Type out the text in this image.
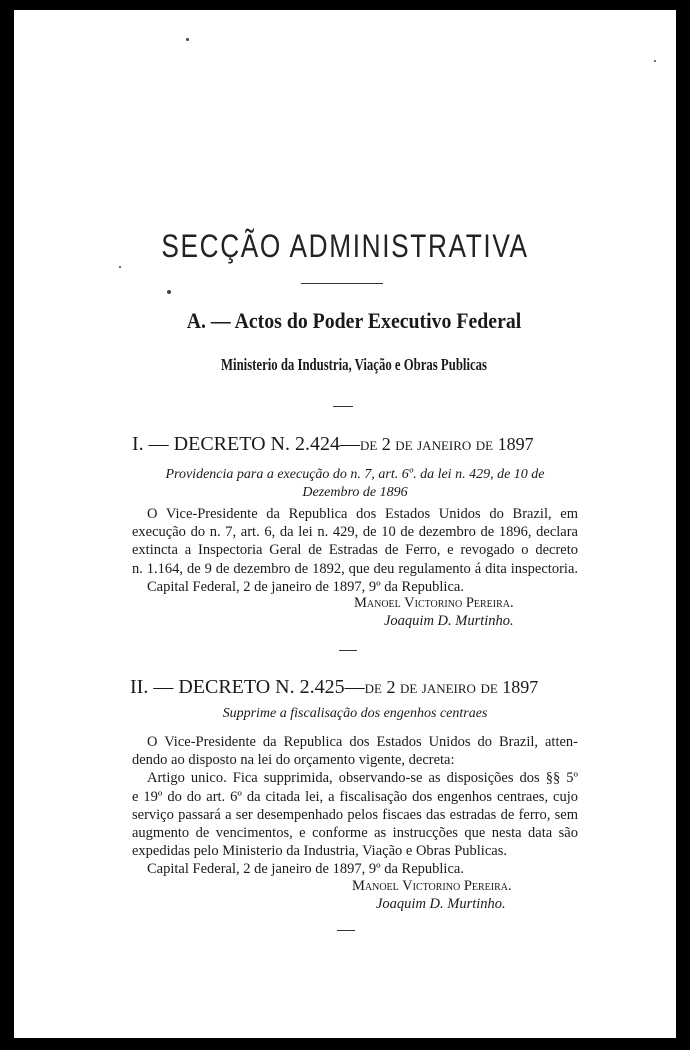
SECÇÃO ADMINISTRATIVA
A. — Actos do Poder Executivo Federal
Ministerio da Industria, Viação e Obras Publicas
I. — DECRETO N. 2.424—de 2 de janeiro de 1897
Providencia para a execução do n. 7, art. 6º. da lei n. 429, de 10 de
Dezembro de 1896
O Vice-Presidente da Republica dos Estados Unidos do Brazil, em
execução do n. 7, art. 6, da lei n. 429, de 10 de dezembro de 1896, declara
extincta a Inspectoria Geral de Estradas de Ferro, e revogado o decreto
n. 1.164, de 9 de dezembro de 1892, que deu regulamento á dita inspectoria.
Capital Federal, 2 de janeiro de 1897, 9º da Republica.
Manoel Victorino Pereira.
Joaquim D. Murtinho.
II. — DECRETO N. 2.425—de 2 de janeiro de 1897
Supprime a fiscalisação dos engenhos centraes
O Vice-Presidente da Republica dos Estados Unidos do Brazil, atten-
dendo ao disposto na lei do orçamento vigente, decreta:
Artigo unico. Fica supprimida, observando-se as disposições dos §§ 5º
e 19º do do art. 6º da citada lei, a fiscalisação dos engenhos centraes, cujo
serviço passará a ser desempenhado pelos fiscaes das estradas de ferro, sem
augmento de vencimentos, e conforme as instrucções que nesta data são
expedidas pelo Ministerio da Industria, Viação e Obras Publicas.
Capital Federal, 2 de janeiro de 1897, 9º da Republica.
Manoel Victorino Pereira.
Joaquim D. Murtinho.
